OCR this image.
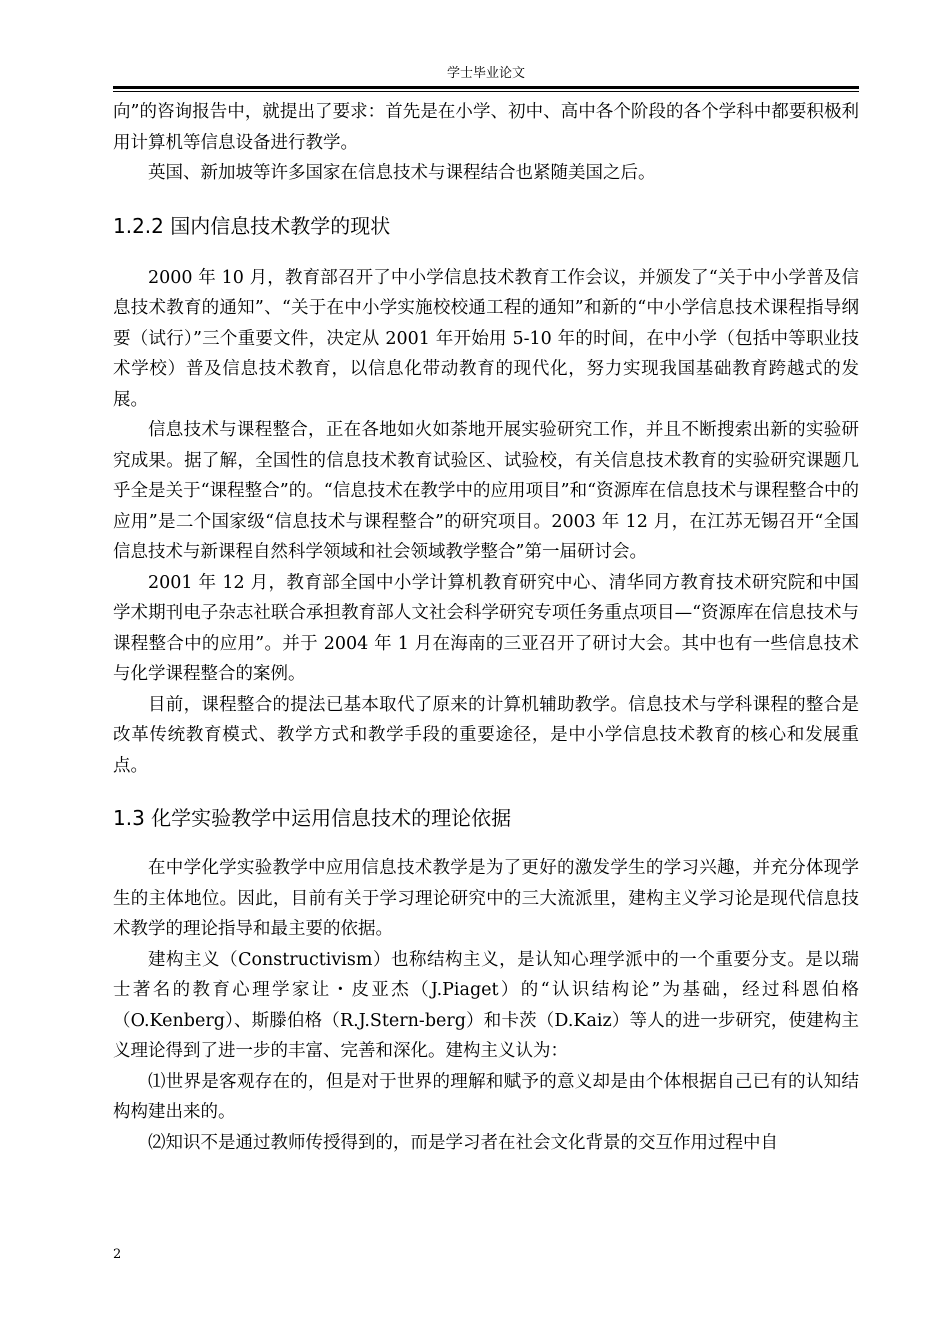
学士毕业论文

向”的咨询报告中，就提出了要求：首先是在小学、初中、高中各个阶段的各个学科中都要积极利用计算机等信息设备进行教学。

英国、新加坡等许多国家在信息技术与课程结合也紧随美国之后。

1.2.2 国内信息技术教学的现状

2000 年 10 月，教育部召开了中小学信息技术教育工作会议，并颁发了“关于中小学普及信息技术教育的通知”、“关于在中小学实施校校通工程的通知”和新的“中小学信息技术课程指导纲要（试行）”三个重要文件，决定从 2001 年开始用 5-10 年的时间，在中小学（包括中等职业技术学校）普及信息技术教育，以信息化带动教育的现代化，努力实现我国基础教育跨越式的发展。

信息技术与课程整合，正在各地如火如荼地开展实验研究工作，并且不断搜索出新的实验研究成果。据了解，全国性的信息技术教育试验区、试验校，有关信息技术教育的实验研究课题几乎全是关于“课程整合”的。“信息技术在教学中的应用项目”和“资源库在信息技术与课程整合中的应用”是二个国家级“信息技术与课程整合”的研究项目。2003 年 12 月，在江苏无锡召开“全国信息技术与新课程自然科学领域和社会领域教学整合”第一届研讨会。

2001 年 12 月，教育部全国中小学计算机教育研究中心、清华同方教育技术研究院和中国学术期刊电子杂志社联合承担教育部人文社会科学研究专项任务重点项目—“资源库在信息技术与课程整合中的应用”。并于 2004 年 1 月在海南的三亚召开了研讨大会。其中也有一些信息技术与化学课程整合的案例。

目前，课程整合的提法已基本取代了原来的计算机辅助教学。信息技术与学科课程的整合是改革传统教育模式、教学方式和教学手段的重要途径，是中小学信息技术教育的核心和发展重点。

1.3 化学实验教学中运用信息技术的理论依据

在中学化学实验教学中应用信息技术教学是为了更好的激发学生的学习兴趣，并充分体现学生的主体地位。因此，目前有关于学习理论研究中的三大流派里，建构主义学习论是现代信息技术教学的理论指导和最主要的依据。

建构主义（Constructivism）也称结构主义，是认知心理学派中的一个重要分支。是以瑞士著名的教育心理学家让・皮亚杰（J.Piaget）的“认识结构论”为基础，经过科恩伯格（O.Kenberg）、斯滕伯格（R.J.Stern-berg）和卡茨（D.Kaiz）等人的进一步研究，使建构主义理论得到了进一步的丰富、完善和深化。建构主义认为：

⑴世界是客观存在的，但是对于世界的理解和赋予的意义却是由个体根据自己已有的认知结构构建出来的。

⑵知识不是通过教师传授得到的，而是学习者在社会文化背景的交互作用过程中自

2
